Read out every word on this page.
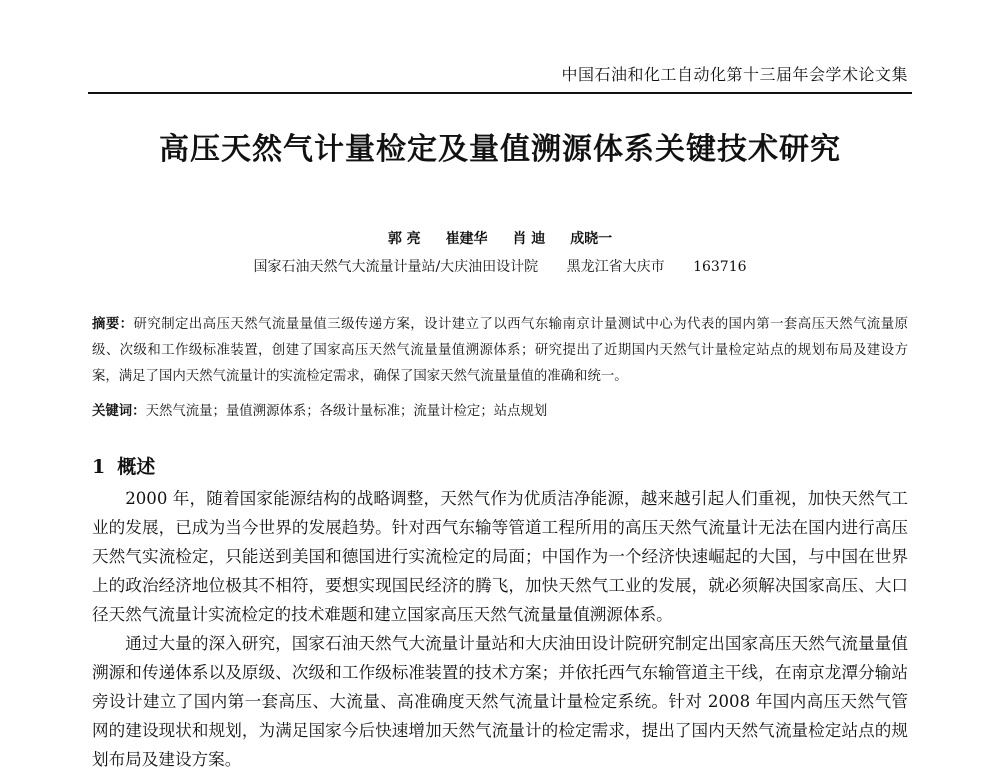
中国石油和化工自动化第十三届年会学术论文集
高压天然气计量检定及量值溯源体系关键技术研究
郭 亮 崔建华 肖 迪 成晓一
国家石油天然气大流量计量站/大庆油田设计院 黑龙江省大庆市 163716
摘要：研究制定出高压天然气流量量值三级传递方案，设计建立了以西气东输南京计量测试中心为代表的国内第一套高压天然气流量原级、次级和工作级标准装置，创建了国家高压天然气流量量值溯源体系；研究提出了近期国内天然气计量检定站点的规划布局及建设方案，满足了国内天然气流量计的实流检定需求，确保了国家天然气流量量值的准确和统一。
关键词：天然气流量；量值溯源体系；各级计量标准；流量计检定；站点规划
1 概述

2000 年，随着国家能源结构的战略调整，天然气作为优质洁净能源，越来越引起人们重视，加快天然气工业的发展，已成为当今世界的发展趋势。针对西气东输等管道工程所用的高压天然气流量计无法在国内进行高压天然气实流检定，只能送到美国和德国进行实流检定的局面；中国作为一个经济快速崛起的大国，与中国在世界上的政治经济地位极其不相符，要想实现国民经济的腾飞，加快天然气工业的发展，就必须解决国家高压、大口径天然气流量计实流检定的技术难题和建立国家高压天然气流量量值溯源体系。

通过大量的深入研究，国家石油天然气大流量计量站和大庆油田设计院研究制定出国家高压天然气流量量值溯源和传递体系以及原级、次级和工作级标准装置的技术方案；并依托西气东输管道主干线，在南京龙潭分输站旁设计建立了国内第一套高压、大流量、高准确度天然气流量计量检定系统。针对 2008 年国内高压天然气管网的建设现状和规划，为满足国家今后快速增加天然气流量计的检定需求，提出了国内天然气流量检定站点的规划布局及建设方案。
